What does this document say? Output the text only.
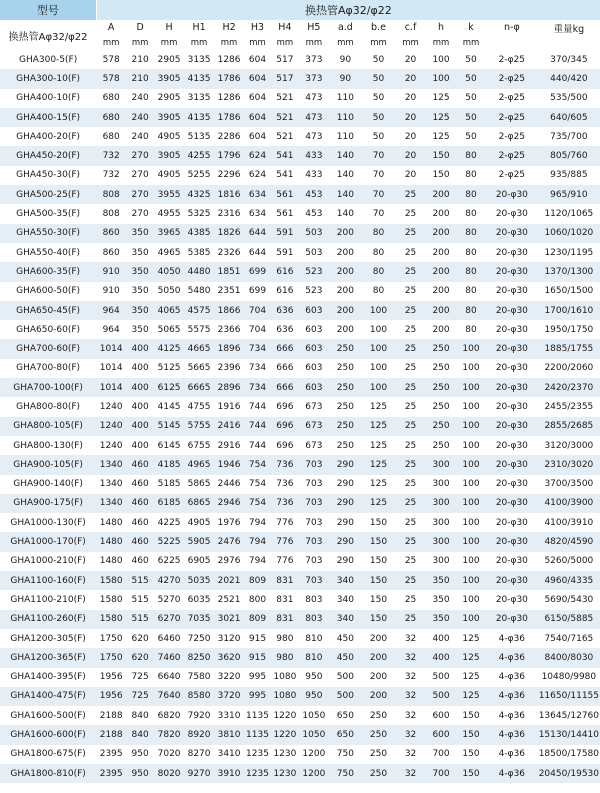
型号	换热管Aφ32/φ22														
换热管Aφ32/φ22	A	D	H	H1	H2	H3	H4	H5	a.d	b.e	c.f	h	k	n-φ	重量kg
	mm	mm	mm	mm	mm	mm	mm	mm	mm	mm	mm	mm	mm		
GHA300-5(F)	578	210	2905	3135	1286	604	517	373	90	50	20	100	50	2-φ25	370/345
GHA300-10(F)	578	210	3905	4135	1786	604	517	373	90	50	20	100	50	2-φ25	440/420
GHA400-10(F)	680	240	2905	3135	1286	604	521	473	110	50	20	125	50	2-φ25	535/500
GHA400-15(F)	680	240	3905	4135	1786	604	521	473	110	50	20	125	50	2-φ25	640/605
GHA400-20(F)	680	240	4905	5135	2286	604	521	473	110	50	20	125	50	2-φ25	735/700
GHA450-20(F)	732	270	3905	4255	1796	624	541	433	140	70	20	150	80	2-φ25	805/760
GHA450-30(F)	732	270	4905	5255	2296	624	541	433	140	70	20	150	80	2-φ25	935/885
GHA500-25(F)	808	270	3955	4325	1816	634	561	453	140	70	25	200	80	20-φ30	965/910
GHA500-35(F)	808	270	4955	5325	2316	634	561	453	140	70	25	200	80	20-φ30	1120/1065
GHA550-30(F)	860	350	3965	4385	1826	644	591	503	200	80	25	200	80	20-φ30	1060/1020
GHA550-40(F)	860	350	4965	5385	2326	644	591	503	200	80	25	200	80	20-φ30	1230/1195
GHA600-35(F)	910	350	4050	4480	1851	699	616	523	200	80	25	200	80	20-φ30	1370/1300
GHA600-50(F)	910	350	5050	5480	2351	699	616	523	200	80	25	200	80	20-φ30	1650/1500
GHA650-45(F)	964	350	4065	4575	1866	704	636	603	200	100	25	200	80	20-φ30	1700/1610
GHA650-60(F)	964	350	5065	5575	2366	704	636	603	200	100	25	200	80	20-φ30	1950/1750
GHA700-60(F)	1014	400	4125	4665	1896	734	666	603	250	100	25	250	100	20-φ30	1885/1755
GHA700-80(F)	1014	400	5125	5665	2396	734	666	603	250	100	25	250	100	20-φ30	2200/2060
GHA700-100(F)	1014	400	6125	6665	2896	734	666	603	250	100	25	250	100	20-φ30	2420/2370
GHA800-80(F)	1240	400	4145	4755	1916	744	696	673	250	125	25	250	100	20-φ30	2455/2355
GHA800-105(F)	1240	400	5145	5755	2416	744	696	673	250	125	25	250	100	20-φ30	2855/2685
GHA800-130(F)	1240	400	6145	6755	2916	744	696	673	250	125	25	250	100	20-φ30	3120/3000
GHA900-105(F)	1340	460	4185	4965	1946	754	736	703	290	125	25	300	100	20-φ30	2310/3020
GHA900-140(F)	1340	460	5185	5865	2446	754	736	703	290	125	25	300	100	20-φ30	3700/3500
GHA900-175(F)	1340	460	6185	6865	2946	754	736	703	290	125	25	300	100	20-φ30	4100/3900
GHA1000-130(F)	1480	460	4225	4905	1976	794	776	703	290	150	25	300	100	20-φ30	4100/3910
GHA1000-170(F)	1480	460	5225	5905	2476	794	776	703	290	150	25	300	100	20-φ30	4820/4590
GHA1000-210(F)	1480	460	6225	6905	2976	794	776	703	290	150	25	300	100	20-φ30	5260/5000
GHA1100-160(F)	1580	515	4270	5035	2021	809	831	703	340	150	25	350	100	20-φ30	4960/4335
GHA1100-210(F)	1580	515	5270	6035	2521	800	831	803	340	150	25	350	100	20-φ30	5690/5430
GHA1100-260(F)	1580	515	6270	7035	3021	809	831	803	340	150	25	350	100	20-φ30	6150/5885
GHA1200-305(F)	1750	620	6460	7250	3120	915	980	810	450	200	32	400	125	4-φ36	7540/7165
GHA1200-365(F)	1750	620	7460	8250	3620	915	980	810	450	200	32	400	125	4-φ36	8400/8030
GHA1400-395(F)	1956	725	6640	7580	3220	995	1080	950	500	200	32	500	125	4-φ36	10480/9980
GHA1400-475(F)	1956	725	7640	8580	3720	995	1080	950	500	200	32	500	125	4-φ36	11650/11155
GHA1600-500(F)	2188	840	6820	7920	3310	1135	1220	1050	650	250	32	600	150	4-φ36	13645/12760
GHA1600-600(F)	2188	840	7820	8920	3810	1135	1220	1050	650	250	32	600	150	4-φ36	15130/14410
GHA1800-675(F)	2395	950	7020	8270	3410	1235	1230	1200	750	250	32	700	150	4-φ36	18500/17580
GHA1800-810(F)	2395	950	8020	9270	3910	1235	1230	1200	750	250	32	700	150	4-φ36	20450/19530
